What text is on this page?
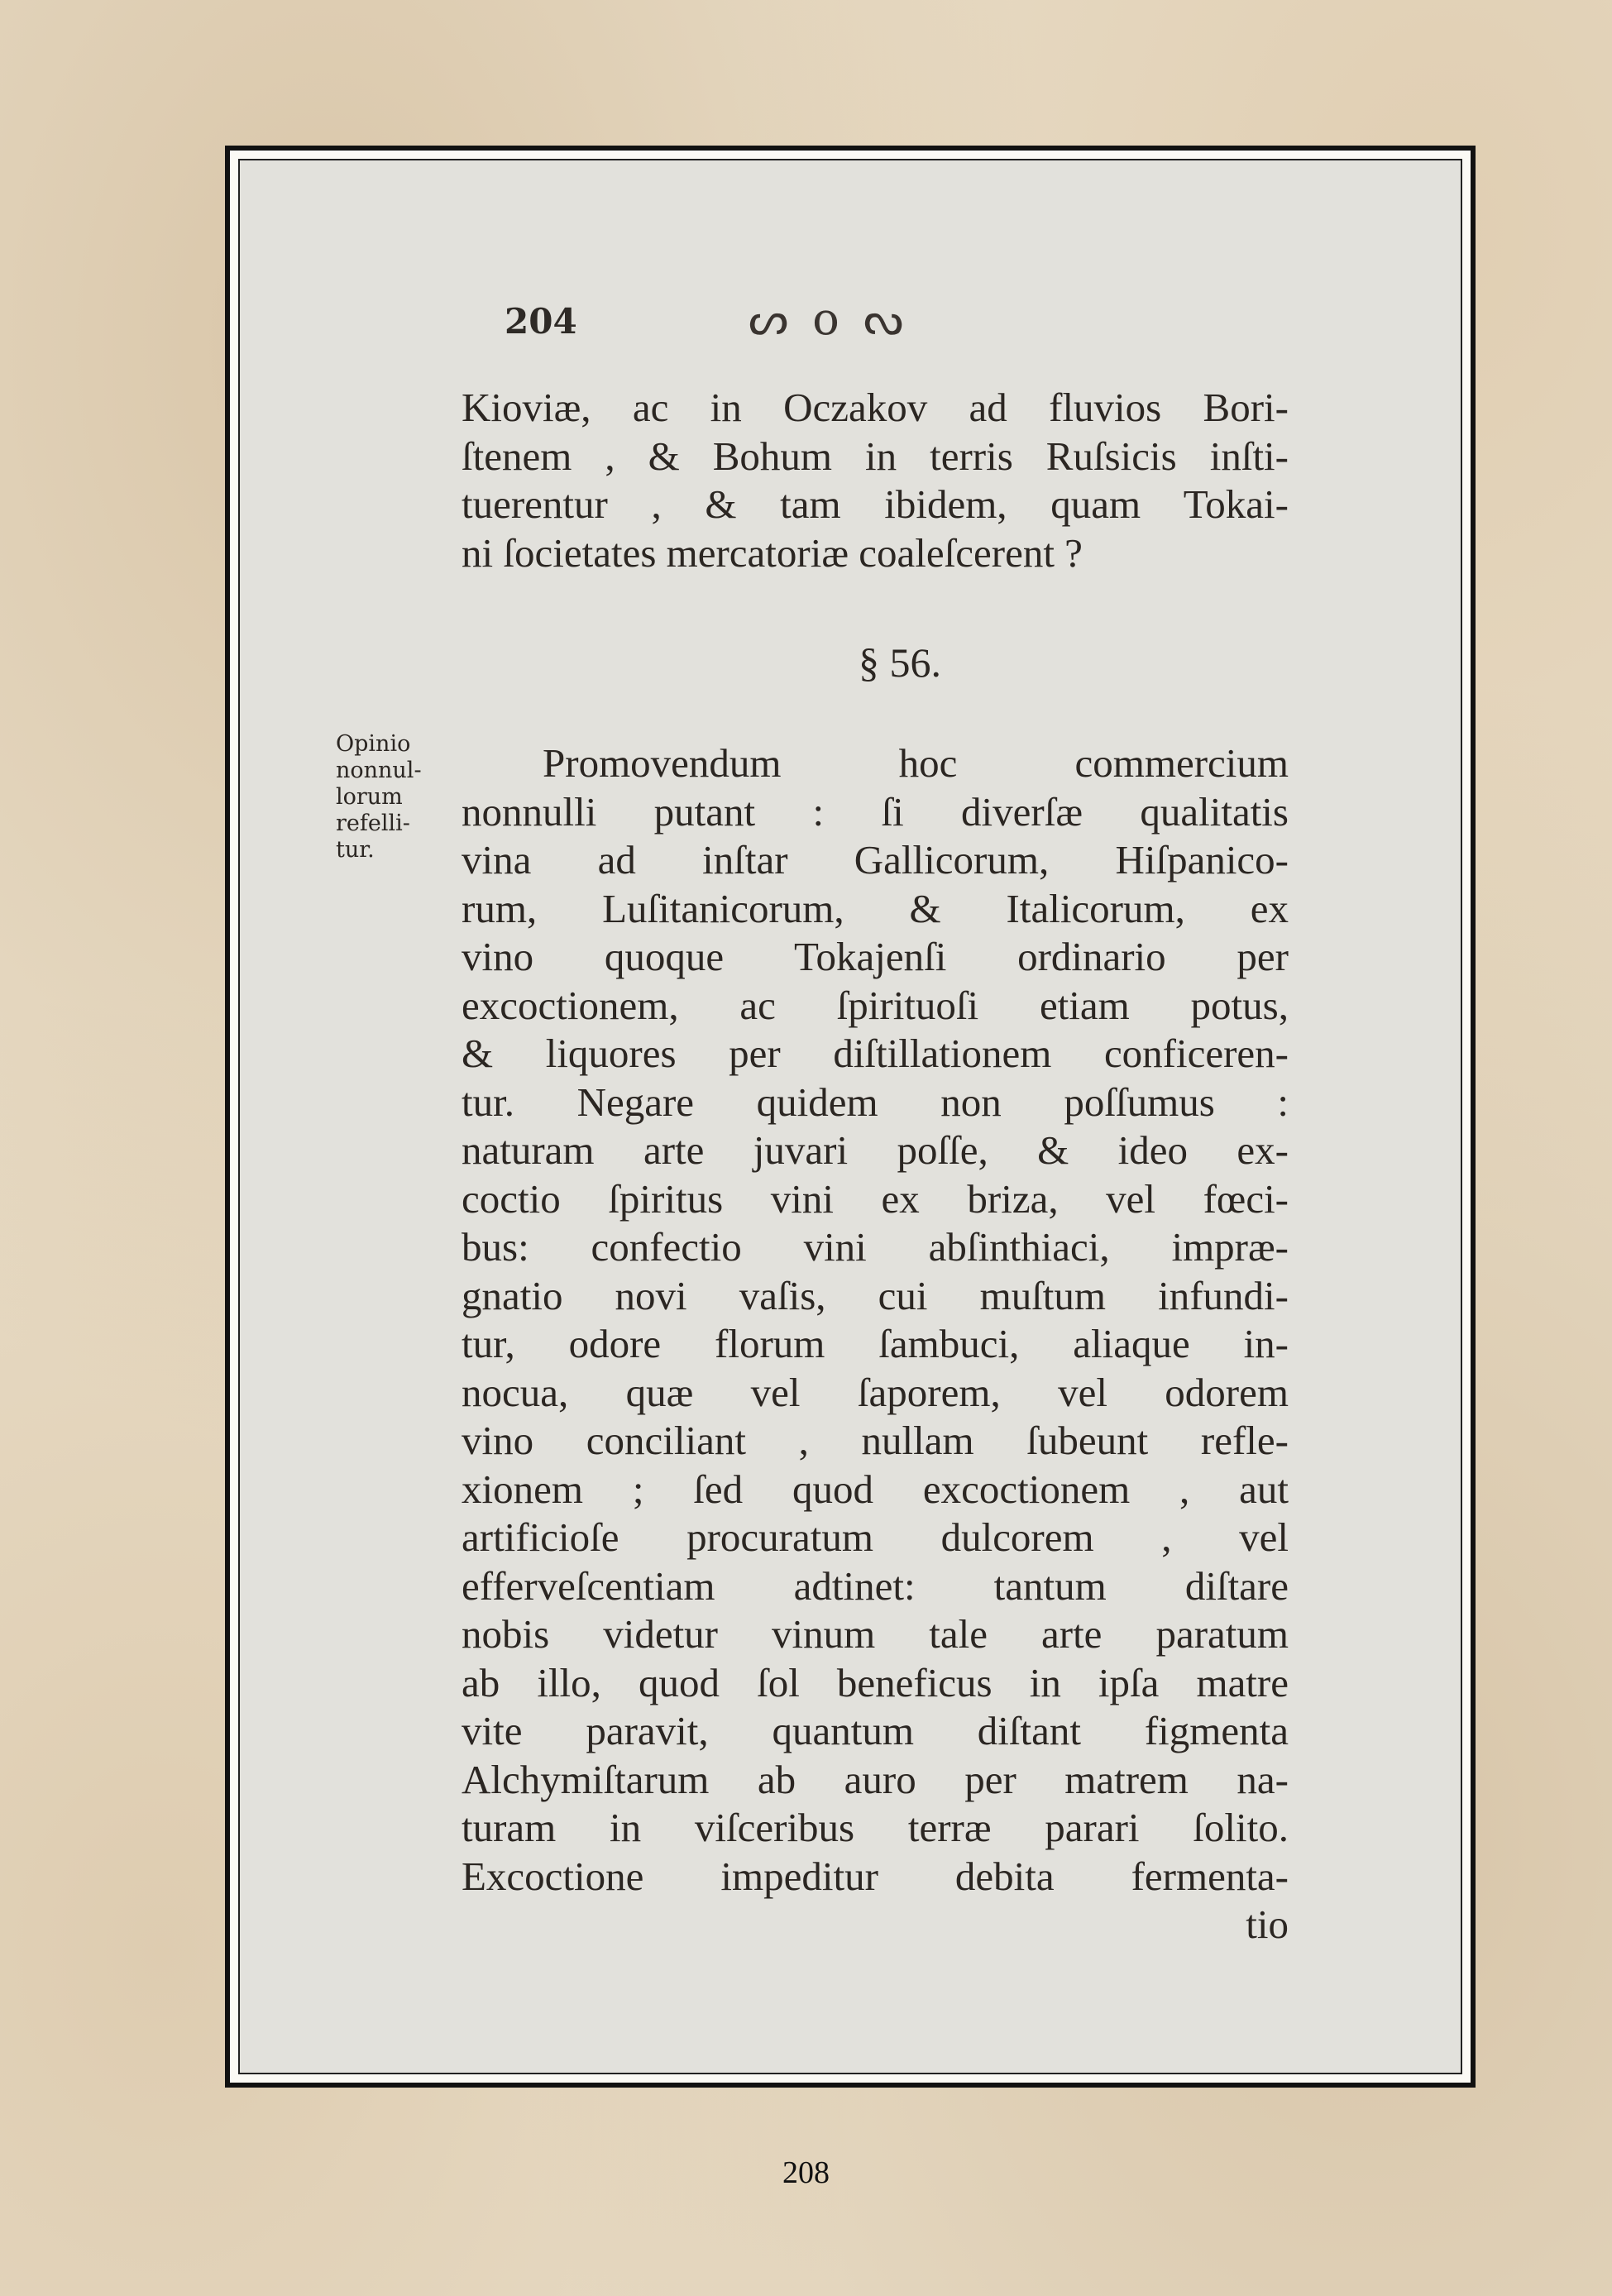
204	ᔕ o ᔓ
Kioviæ, ac in Oczakov ad fluvios Bori-
ſtenem , & Bohum in terris Ruſsicis inſti-
tuerentur , & tam ibidem, quam Tokai-
ni ſocietates mercatoriæ coaleſcerent ?
§ 56.
Opinio
nonnul-
lorum
refelli-
tur.
Promovendum hoc commercium
nonnulli putant : ſi diverſæ qualitatis
vina ad inſtar Gallicorum, Hiſpanico-
rum, Luſitanicorum, & Italicorum, ex
vino quoque Tokajenſi ordinario per
excoctionem, ac ſpirituoſi etiam potus,
& liquores per diſtillationem conficeren-
tur. Negare quidem non poſſumus :
naturam arte juvari poſſe, & ideo ex-
coctio ſpiritus vini ex briza, vel fœci-
bus: confectio vini abſinthiaci, impræ-
gnatio novi vaſis, cui muſtum infundi-
tur, odore florum ſambuci, aliaque in-
nocua, quæ vel ſaporem, vel odorem
vino conciliant , nullam ſubeunt refle-
xionem ; ſed quod excoctionem , aut
artificioſe procuratum dulcorem , vel
efferveſcentiam adtinet: tantum diſtare
nobis videtur vinum tale arte paratum
ab illo, quod ſol beneficus in ipſa matre
vite paravit, quantum diſtant figmenta
Alchymiſtarum ab auro per matrem na-
turam in viſceribus terræ parari ſolito.
Excoctione impeditur debita fermenta-
tio
208
